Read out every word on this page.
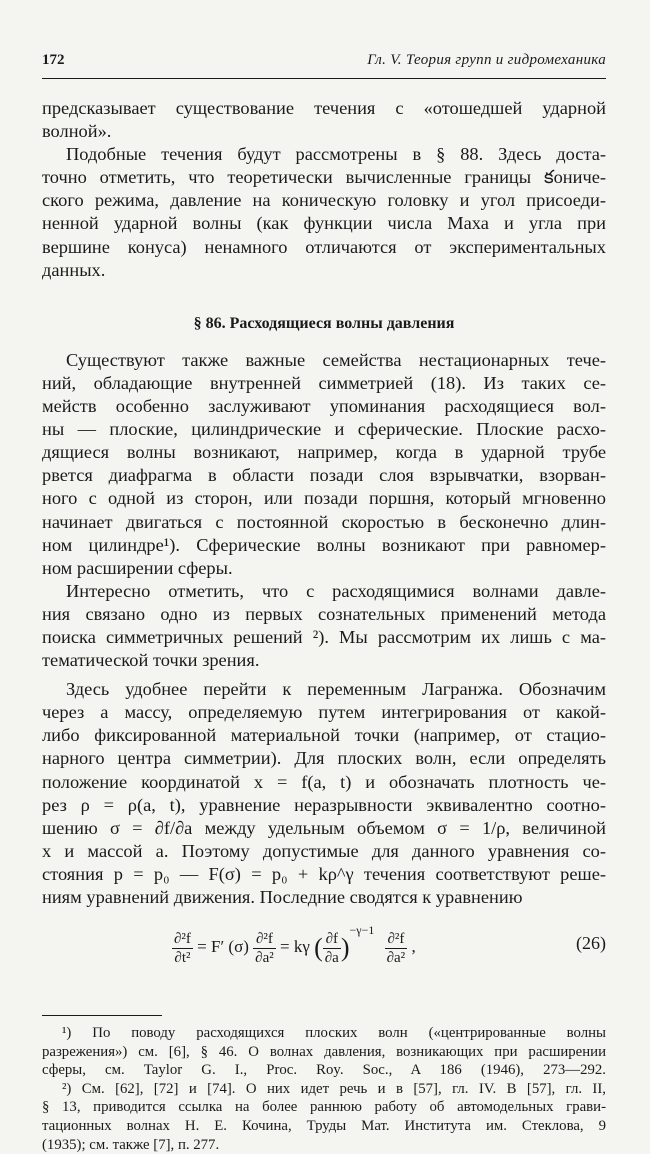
172	Гл. V. Теория групп и гидромеханика

предсказывает существование течения с «отошедшей ударной
волной».

Подобные течения будут рассмотрены в § 88. Здесь доста-
точно отметить, что теоретически вычисленные границы కониче-
ского режима, давление на коническую головку и угол присоеди-
ненной ударной волны (как функции числа Маха и угла при
вершине конуса) ненамного отличаются от экспериментальных
данных.

§ 86. Расходящиеся волны давления

Существуют также важные семейства нестационарных тече-
ний, обладающие внутренней симметрией (18). Из таких се-
мейств особенно заслуживают упоминания расходящиеся вол-
ны — плоские, цилиндрические и сферические. Плоские расхо-
дящиеся волны возникают, например, когда в ударной трубе
рвется диафрагма в области позади слоя взрывчатки, взорван-
ного с одной из сторон, или позади поршня, который мгновенно
начинает двигаться с постоянной скоростью в бесконечно длин-
ном цилиндре¹). Сферические волны возникают при равномер-
ном расширении сферы.

Интересно отметить, что с расходящимися волнами давле-
ния связано одно из первых сознательных применений метода
поиска симметричных решений ²). Мы рассмотрим их лишь с ма-
тематической точки зрения.

Здесь удобнее перейти к переменным Лагранжа. Обозначим
через a массу, определяемую путем интегрирования от какой-
либо фиксированной материальной точки (например, от стацио-
нарного центра симметрии). Для плоских волн, если определять
положение координатой x = f(a, t) и обозначать плотность че-
рез ρ = ρ(a, t), уравнение неразрывности эквивалентно соотно-
шению σ = ∂f/∂a между удельным объемом σ = 1/ρ, величиной
x и массой a. Поэтому допустимые для данного уравнения со-
стояния p = p₀ — F(σ) = p₀ + kρ^γ течения соответствуют реше-
ниям уравнений движения. Последние сводятся к уравнению

$\frac{\text{∂²f}}{\text{∂t²}} = F'$ $(\sigma) \frac{\text{∂²f}}{\text{∂a²}} = k\gamma$ ( $\frac{\partial f}{\partial a} )^{-\gamma-1} \frac{\text{∂²f}}{\text{∂a²}}$ ,	(26)
¹) По поводу расходящихся плоских волн («центрированные волны
разрежения») см. [6], § 46. О волнах давления, возникающих при расширении
сферы, см. Taylor G. I., Proc. Roy. Soc., A 186 (1946), 273—292.
²) См. [62], [72] и [74]. О них идет речь и в [57], гл. IV. В [57], гл. II,
§ 13, приводится ссылка на более раннюю работу об автомодельных грави-
тационных волнах Н. Е. Кочина, Труды Мат. Института им. Стеклова, 9
(1935); см. также [7], п. 277.
